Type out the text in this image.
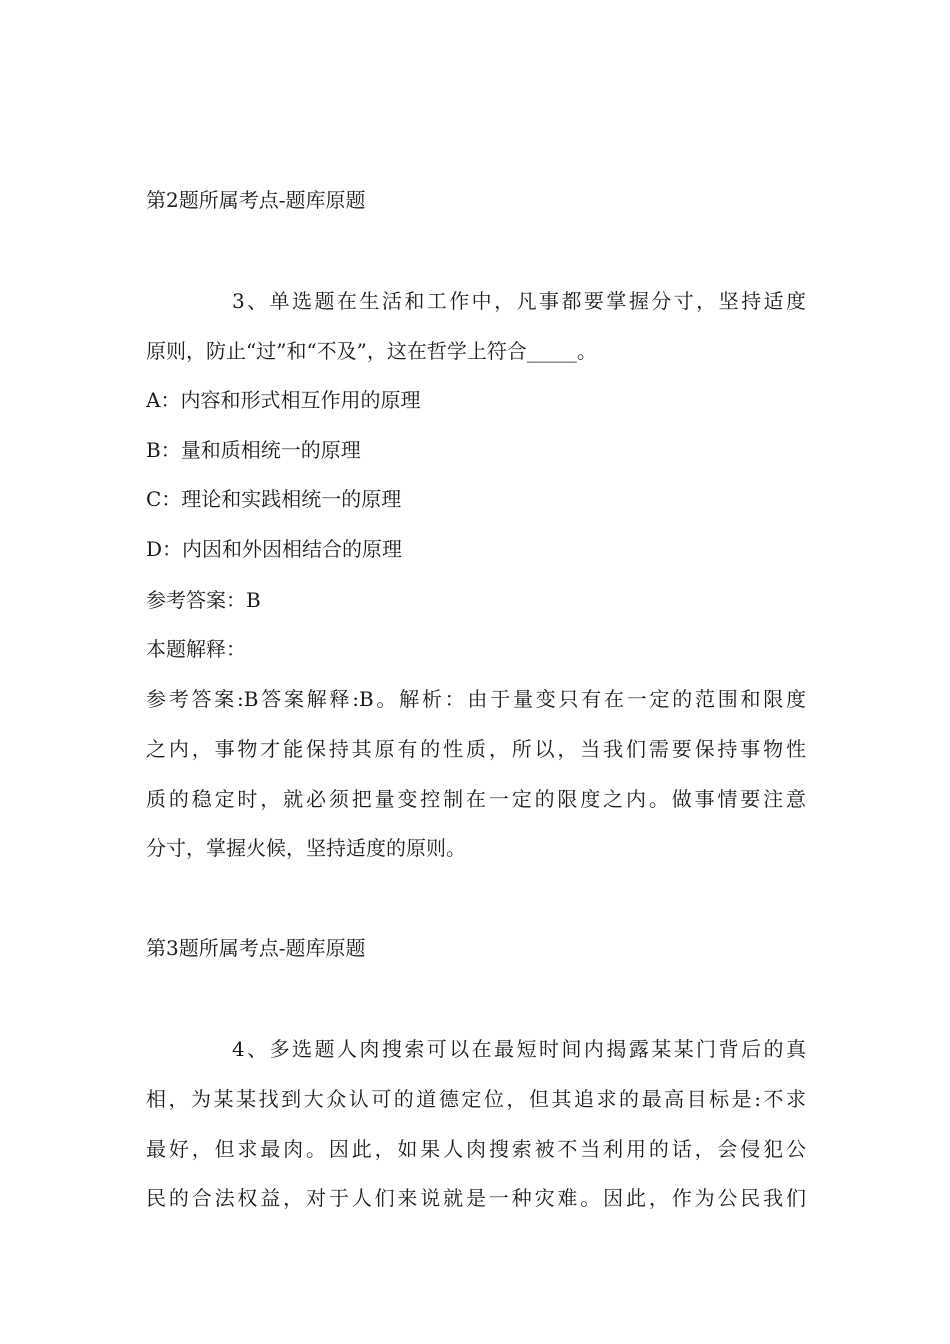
第2题所属考点-题库原题
3、单选题在生活和工作中，凡事都要掌握分寸，坚持适度
原则，防止“过”和“不及”，这在哲学上符合_____。
A：内容和形式相互作用的原理
B：量和质相统一的原理
C：理论和实践相统一的原理
D：内因和外因相结合的原理
参考答案：B
本题解释：
参考答案:B答案解释:B。解析：由于量变只有在一定的范围和限度
之内，事物才能保持其原有的性质，所以，当我们需要保持事物性
质的稳定时，就必须把量变控制在一定的限度之内。做事情要注意
分寸，掌握火候，坚持适度的原则。
第3题所属考点-题库原题
4、多选题人肉搜索可以在最短时间内揭露某某门背后的真
相，为某某找到大众认可的道德定位，但其追求的最高目标是:不求
最好，但求最肉。因此，如果人肉搜索被不当利用的话，会侵犯公
民的合法权益，对于人们来说就是一种灾难。因此，作为公民我们
